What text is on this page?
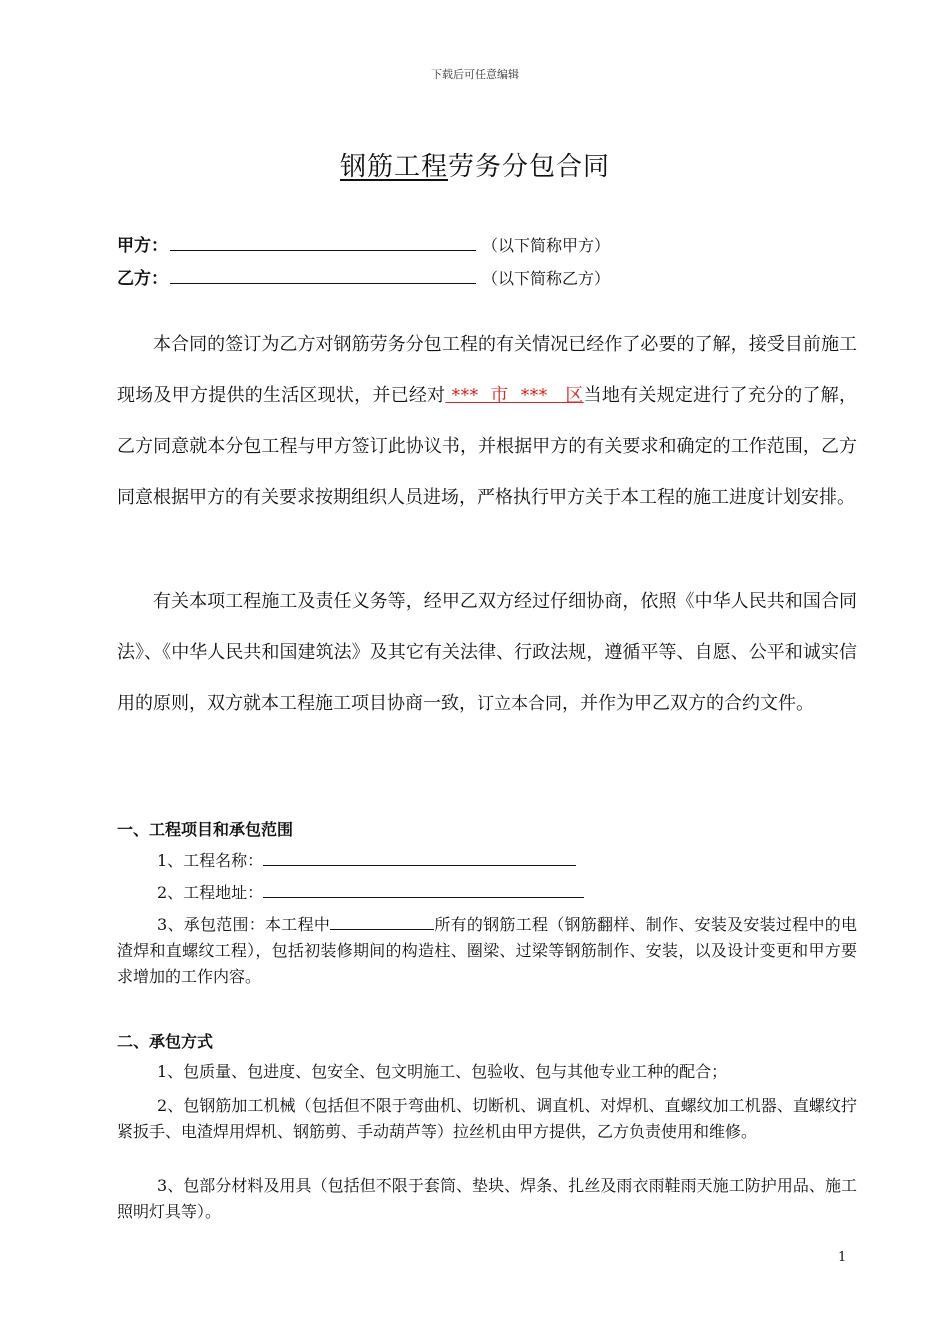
下载后可任意编辑
钢筋工程劳务分包合同
甲方：	（以下简称甲方）
乙方：	（以下简称乙方）
本合同的签订为乙方对钢筋劳务分包工程的有关情况已经作了必要的了解，接受目前施工现场及甲方提供的生活区现状，并已经对 ***  市  ***   区当地有关规定进行了充分的了解，乙方同意就本分包工程与甲方签订此协议书，并根据甲方的有关要求和确定的工作范围，乙方同意根据甲方的有关要求按期组织人员进场，严格执行甲方关于本工程的施工进度计划安排。
有关本项工程施工及责任义务等，经甲乙双方经过仔细协商，依照《中华人民共和国合同法》、《中华人民共和国建筑法》及其它有关法律、行政法规，遵循平等、自愿、公平和诚实信用的原则，双方就本工程施工项目协商一致，订立本合同，并作为甲乙双方的合约文件。
一、工程项目和承包范围
1、工程名称：
2、工程地址：
3、承包范围：本工程中	所有的钢筋工程（钢筋翻样、制作、安装及安装过程中的电渣焊和直螺纹工程），包括初装修期间的构造柱、圈梁、过梁等钢筋制作、安装，以及设计变更和甲方要求增加的工作内容。
二、承包方式
1、包质量、包进度、包安全、包文明施工、包验收、包与其他专业工种的配合；
2、包钢筋加工机械（包括但不限于弯曲机、切断机、调直机、对焊机、直螺纹加工机器、直螺纹拧紧扳手、电渣焊用焊机、钢筋剪、手动葫芦等）拉丝机由甲方提供，乙方负责使用和维修。
3、包部分材料及用具（包括但不限于套筒、垫块、焊条、扎丝及雨衣雨鞋雨天施工防护用品、施工照明灯具等）。
1
